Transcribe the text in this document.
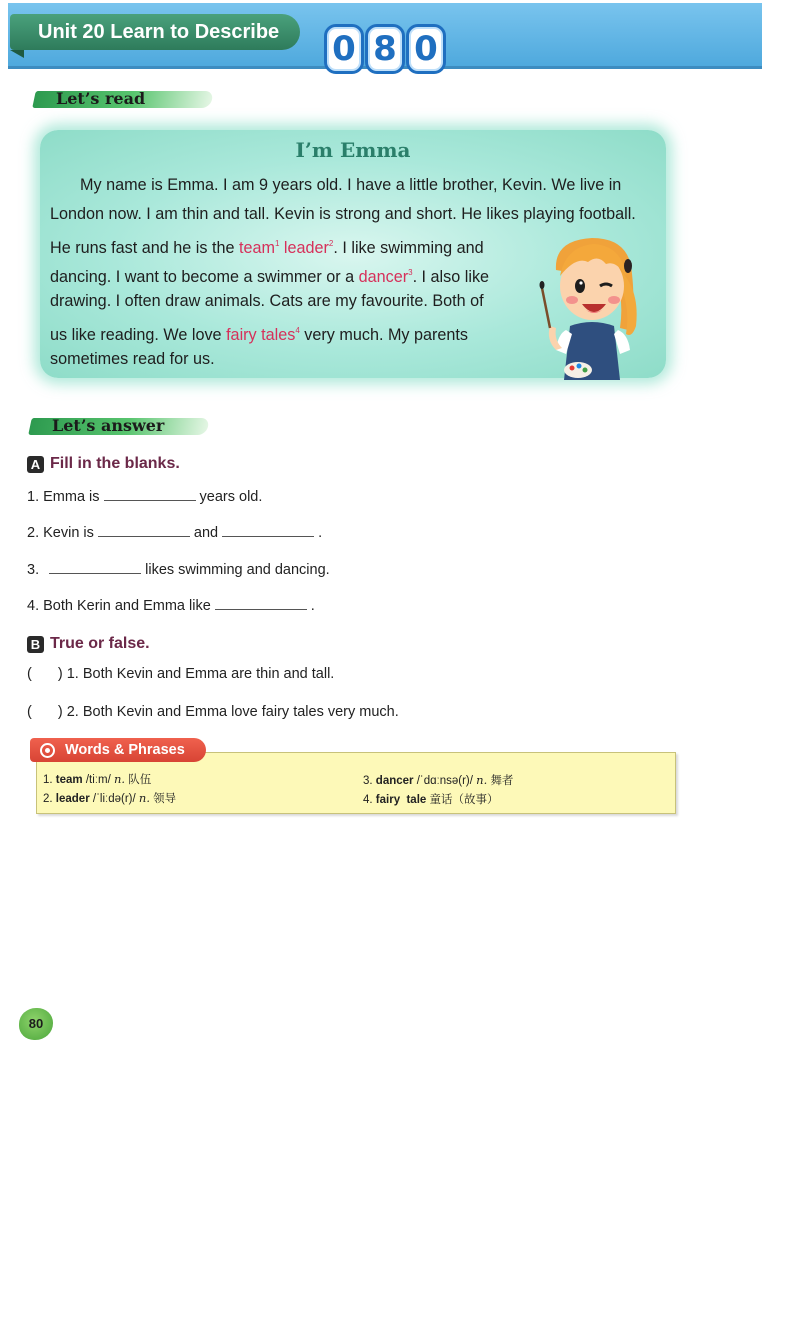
Unit 20 Learn to Describe	0 8 0
Let’s read
I’m Emma
My name is Emma. I am 9 years old. I have a little brother, Kevin. We live in
London now. I am thin and tall. Kevin is strong and short. He likes playing football.
He runs fast and he is the team$^1$ leader$^2$. I like swimming and
dancing. I want to become a swimmer or a dancer$^3$. I also like
drawing. I often draw animals. Cats are my favourite. Both of
us like reading. We love fairy tales$^4$ very much. My parents
sometimes read for us.
Let’s answer
A Fill in the blanks.
1. Emma is	years old.
2. Kevin is	and	.
3.	likes swimming and dancing.
4. Both Kerin and Emma like	.
B True or false.
( ) 1. Both Kevin and Emma are thin and tall.
( ) 2. Both Kevin and Emma love fairy tales very much.
1. team /tiːm/ n. 队伍
2. leader /ˈliːdə(r)/ n. 领导
3. dancer /ˈdɑːnsə(r)/ n. 舞者
4. fairy  tale 童话（故事）
Words & Phrases
80
